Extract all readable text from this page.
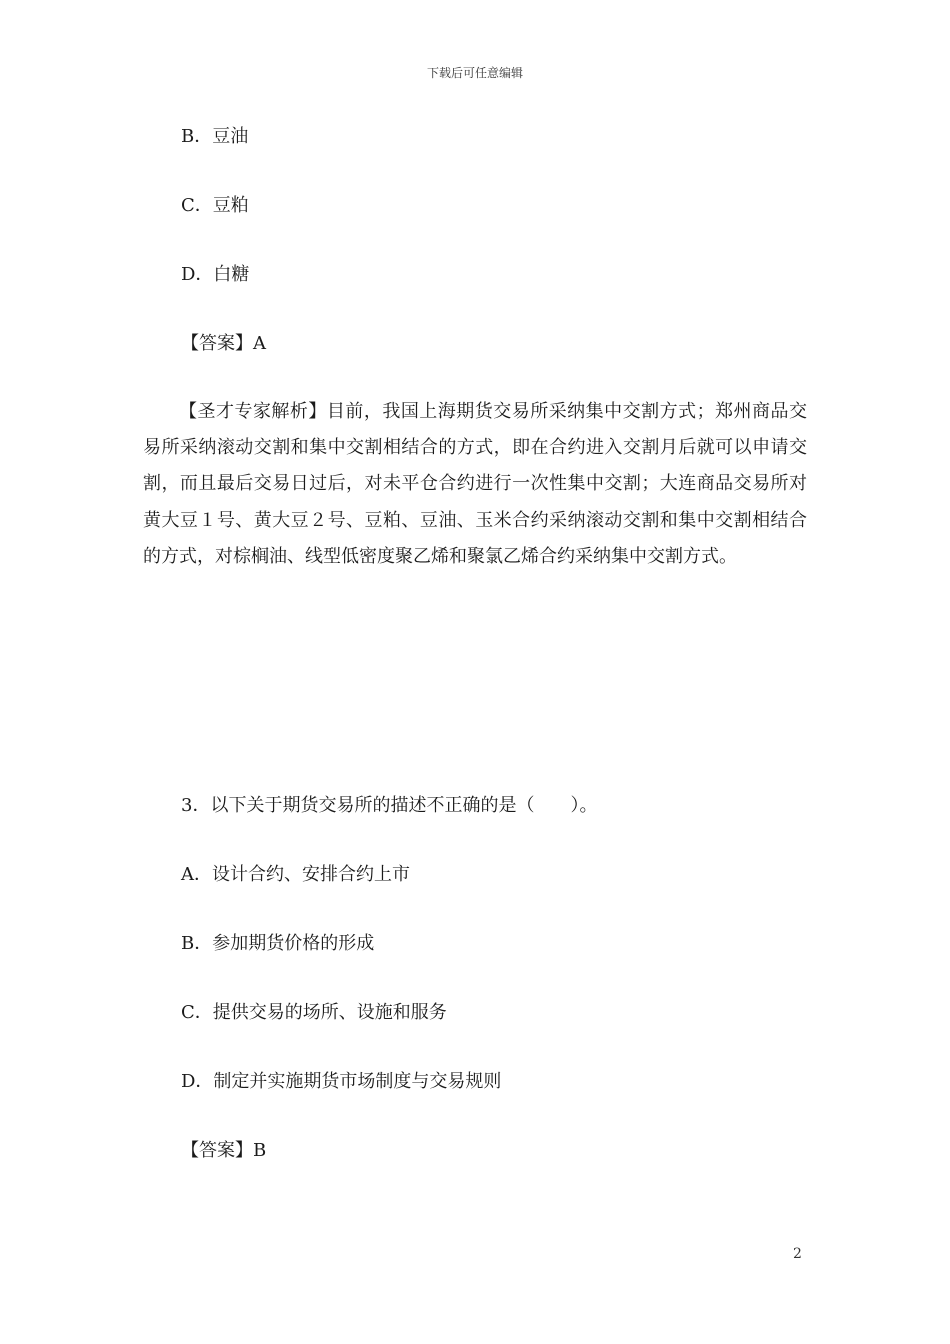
下载后可任意编辑
B．豆油
C．豆粕
D．白糖
【答案】A
【圣才专家解析】目前，我国上海期货交易所采纳集中交割方式；郑州商品交易所采纳滚动交割和集中交割相结合的方式，即在合约进入交割月后就可以申请交割，而且最后交易日过后，对未平仓合约进行一次性集中交割；大连商品交易所对黄大豆１号、黄大豆２号、豆粕、豆油、玉米合约采纳滚动交割和集中交割相结合的方式，对棕榈油、线型低密度聚乙烯和聚氯乙烯合约采纳集中交割方式。
3．以下关于期货交易所的描述不正确的是（　　）。
A．设计合约、安排合约上市
B．参加期货价格的形成
C．提供交易的场所、设施和服务
D．制定并实施期货市场制度与交易规则
【答案】B
2
